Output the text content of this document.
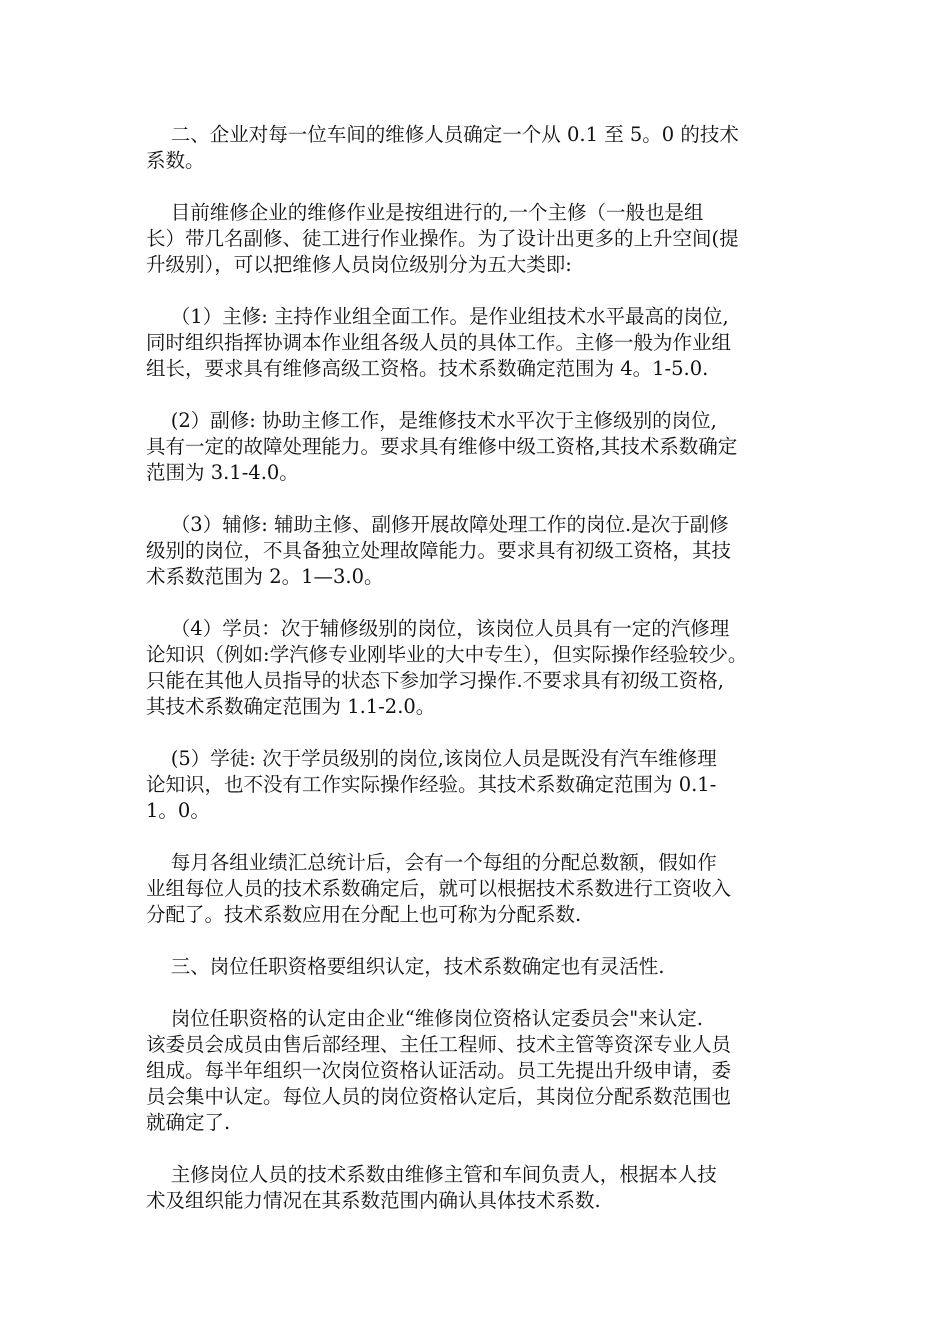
二、企业对每一位车间的维修人员确定一个从 0.1 至 5。0 的技术
系数。
目前维修企业的维修作业是按组进行的,一个主修（一般也是组
长）带几名副修、徒工进行作业操作。为了设计出更多的上升空间(提
升级别），可以把维修人员岗位级别分为五大类即:
（1）主修: 主持作业组全面工作。是作业组技术水平最高的岗位,
同时组织指挥协调本作业组各级人员的具体工作。主修一般为作业组
组长，要求具有维修高级工资格。技术系数确定范围为 4。1-5.0.
(2）副修: 协助主修工作，是维修技术水平次于主修级别的岗位,
具有一定的故障处理能力。要求具有维修中级工资格,其技术系数确定
范围为 3.1-4.0。
（3）辅修: 辅助主修、副修开展故障处理工作的岗位.是次于副修
级别的岗位，不具备独立处理故障能力。要求具有初级工资格，其技
术系数范围为 2。1—3.0。
（4）学员：次于辅修级别的岗位，该岗位人员具有一定的汽修理
论知识（例如:学汽修专业刚毕业的大中专生），但实际操作经验较少。
只能在其他人员指导的状态下参加学习操作.不要求具有初级工资格,
其技术系数确定范围为 1.1-2.0。
(5）学徒: 次于学员级别的岗位,该岗位人员是既没有汽车维修理
论知识，也不没有工作实际操作经验。其技术系数确定范围为 0.1-
1。0。
每月各组业绩汇总统计后，会有一个每组的分配总数额，假如作
业组每位人员的技术系数确定后，就可以根据技术系数进行工资收入
分配了。技术系数应用在分配上也可称为分配系数.
三、岗位任职资格要组织认定，技术系数确定也有灵活性.
岗位任职资格的认定由企业“维修岗位资格认定委员会"来认定.
该委员会成员由售后部经理、主任工程师、技术主管等资深专业人员
组成。每半年组织一次岗位资格认证活动。员工先提出升级申请，委
员会集中认定。每位人员的岗位资格认定后，其岗位分配系数范围也
就确定了.
主修岗位人员的技术系数由维修主管和车间负责人，根据本人技
术及组织能力情况在其系数范围内确认具体技术系数.
